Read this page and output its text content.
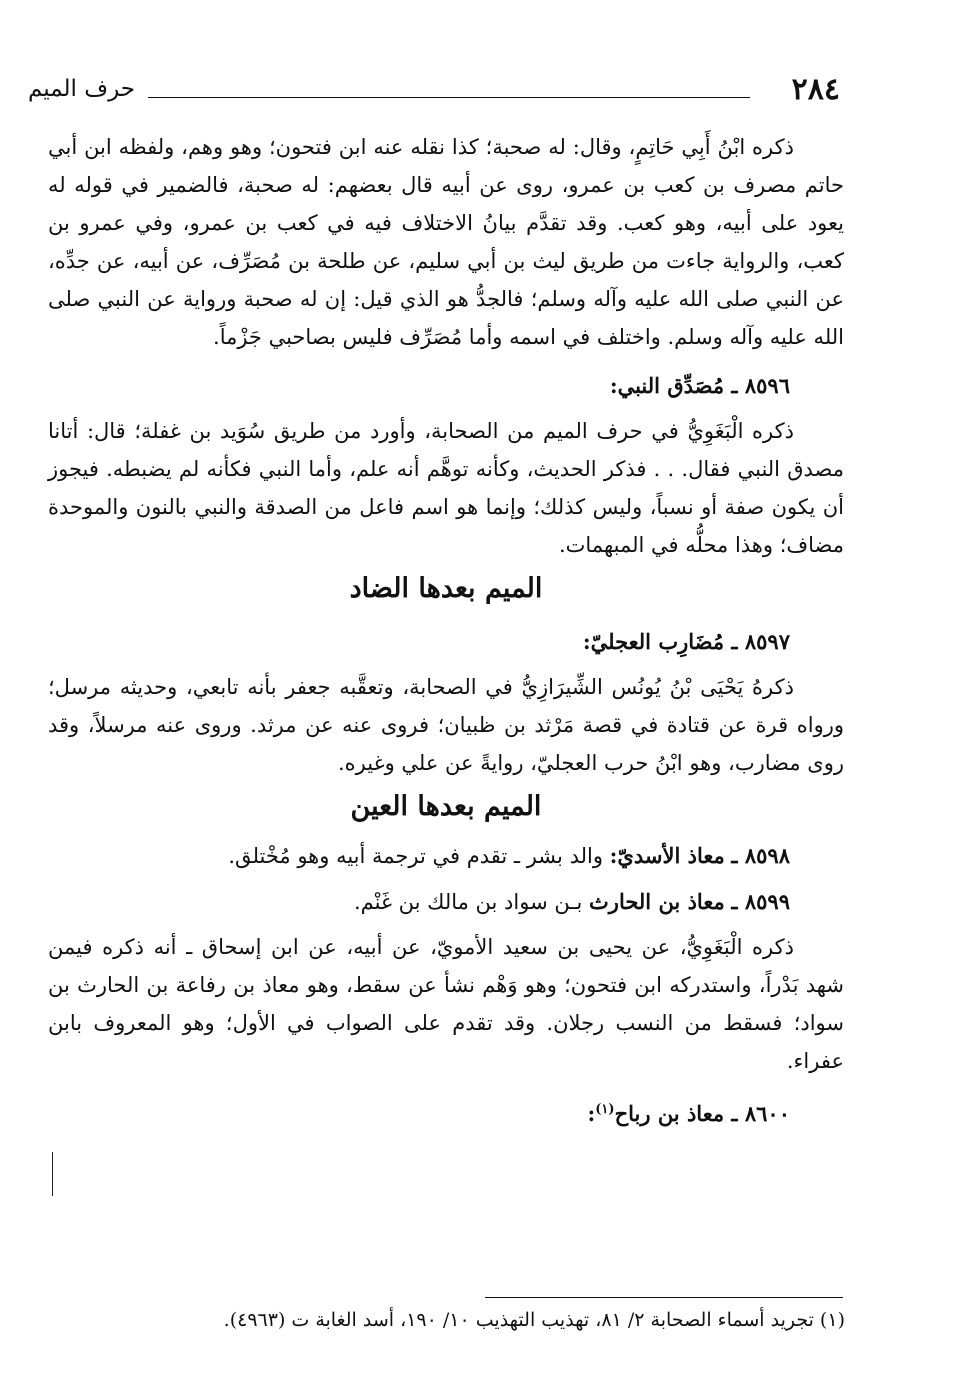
حرف الميم	٢٨٤

ذكره ابْنُ أَبِي حَاتِمٍ، وقال: له صحبة؛ كذا نقله عنه ابن فتحون؛ وهو وهم، ولفظه ابن أبي حاتم مصرف بن كعب بن عمرو، روى عن أبيه قال بعضهم: له صحبة، فالضمير في قوله له يعود على أبيه، وهو كعب. وقد تقدَّم بيانُ الاختلاف فيه في كعب بن عمرو، وفي عمرو بن كعب، والرواية جاءت من طريق ليث بن أبي سليم، عن طلحة بن مُصَرِّف، عن أبيه، عن جدِّه، عن النبي صلى الله عليه وآله وسلم؛ فالجدُّ هو الذي قيل: إن له صحبة ورواية عن النبي صلى الله عليه وآله وسلم. واختلف في اسمه وأما مُصَرِّف فليس بصاحبي جَزْماً.

٨٥٩٦ ـ مُصَدِّق النبي:

ذكره الْبَغَوِيُّ في حرف الميم من الصحابة، وأورد من طريق سُوَيد بن غفلة؛ قال: أتانا مصدق النبي فقال. . . فذكر الحديث، وكأنه توهَّم أنه علم، وأما النبي فكأنه لم يضبطه. فيجوز أن يكون صفة أو نسباً، وليس كذلك؛ وإنما هو اسم فاعل من الصدقة والنبي بالنون والموحدة مضاف؛ وهذا محلُّه في المبهمات.

الميم بعدها الضاد
٨٥٩٧ ـ مُضَارِب العجليّ:

ذكرهُ يَحْيَى بْنُ يُونُس الشِّيرَازِيُّ في الصحابة، وتعقَّبه جعفر بأنه تابعي، وحديثه مرسل؛ ورواه قرة عن قتادة في قصة مَرْثد بن ظبيان؛ فروى عنه عن مرثد. وروى عنه مرسلاً، وقد روى مضارب، وهو ابْنُ حرب العجليّ، روايةً عن علي وغيره.

الميم بعدها العين
٨٥٩٨ ـ معاذ الأسديّ: والد بشر ـ تقدم في ترجمة أبيه وهو مُخْتلق.
٨٥٩٩ ـ معاذ بن الحارث بـن سواد بن مالك بن غَنْم.

ذكره الْبَغَوِيُّ، عن يحيى بن سعيد الأمويّ، عن أبيه، عن ابن إسحاق ـ أنه ذكره فيمن شهد بَدْراً، واستدركه ابن فتحون؛ وهو وَهْم نشأ عن سقط، وهو معاذ بن رفاعة بن الحارث بن سواد؛ فسقط من النسب رجلان. وقد تقدم على الصواب في الأول؛ وهو المعروف بابن عفراء.

٨٦٠٠ ـ معاذ بن رباح$^{(١)}$:
(١) تجريد أسماء الصحابة ٢/ ٨١، تهذيب التهذيب ١٠/ ١٩٠، أسد الغابة ت (٤٩٦٣).
